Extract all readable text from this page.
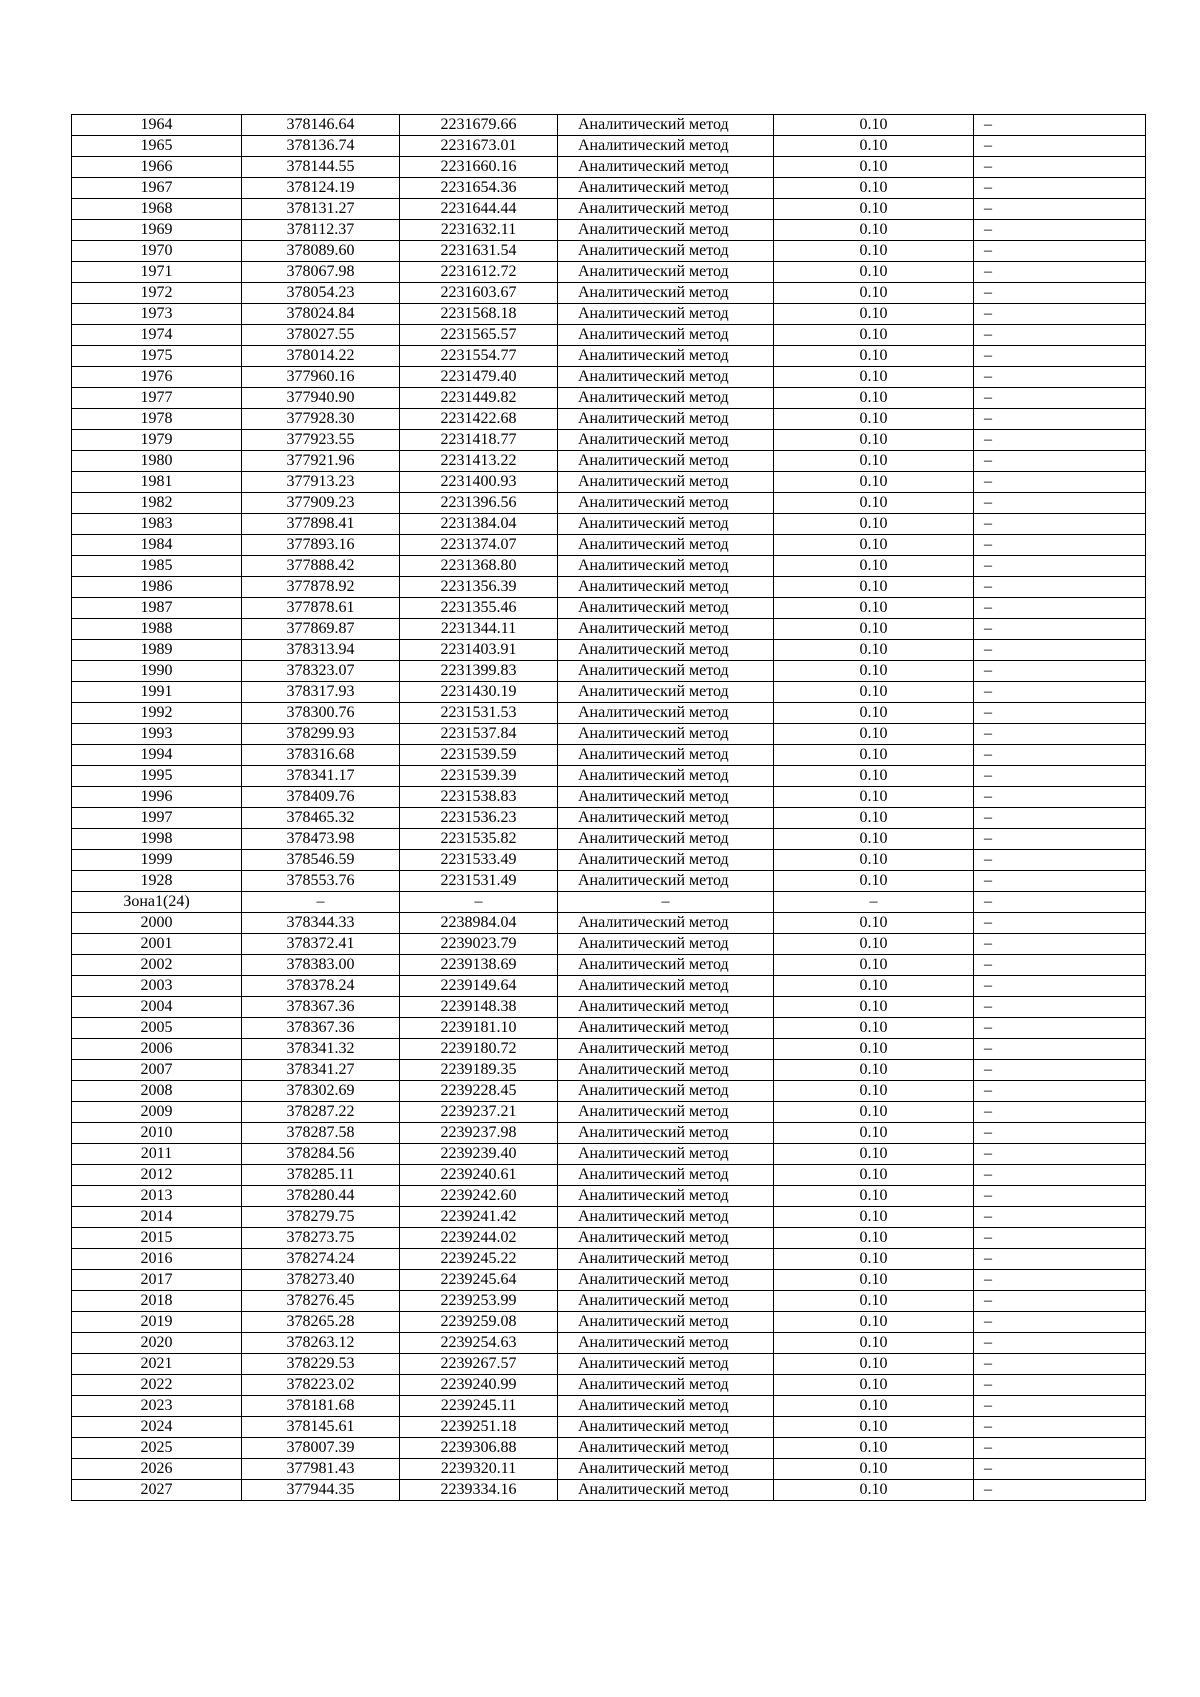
1964	378146.64	2231679.66	Аналитический метод	0.10	–
1965	378136.74	2231673.01	Аналитический метод	0.10	–
1966	378144.55	2231660.16	Аналитический метод	0.10	–
1967	378124.19	2231654.36	Аналитический метод	0.10	–
1968	378131.27	2231644.44	Аналитический метод	0.10	–
1969	378112.37	2231632.11	Аналитический метод	0.10	–
1970	378089.60	2231631.54	Аналитический метод	0.10	–
1971	378067.98	2231612.72	Аналитический метод	0.10	–
1972	378054.23	2231603.67	Аналитический метод	0.10	–
1973	378024.84	2231568.18	Аналитический метод	0.10	–
1974	378027.55	2231565.57	Аналитический метод	0.10	–
1975	378014.22	2231554.77	Аналитический метод	0.10	–
1976	377960.16	2231479.40	Аналитический метод	0.10	–
1977	377940.90	2231449.82	Аналитический метод	0.10	–
1978	377928.30	2231422.68	Аналитический метод	0.10	–
1979	377923.55	2231418.77	Аналитический метод	0.10	–
1980	377921.96	2231413.22	Аналитический метод	0.10	–
1981	377913.23	2231400.93	Аналитический метод	0.10	–
1982	377909.23	2231396.56	Аналитический метод	0.10	–
1983	377898.41	2231384.04	Аналитический метод	0.10	–
1984	377893.16	2231374.07	Аналитический метод	0.10	–
1985	377888.42	2231368.80	Аналитический метод	0.10	–
1986	377878.92	2231356.39	Аналитический метод	0.10	–
1987	377878.61	2231355.46	Аналитический метод	0.10	–
1988	377869.87	2231344.11	Аналитический метод	0.10	–
1989	378313.94	2231403.91	Аналитический метод	0.10	–
1990	378323.07	2231399.83	Аналитический метод	0.10	–
1991	378317.93	2231430.19	Аналитический метод	0.10	–
1992	378300.76	2231531.53	Аналитический метод	0.10	–
1993	378299.93	2231537.84	Аналитический метод	0.10	–
1994	378316.68	2231539.59	Аналитический метод	0.10	–
1995	378341.17	2231539.39	Аналитический метод	0.10	–
1996	378409.76	2231538.83	Аналитический метод	0.10	–
1997	378465.32	2231536.23	Аналитический метод	0.10	–
1998	378473.98	2231535.82	Аналитический метод	0.10	–
1999	378546.59	2231533.49	Аналитический метод	0.10	–
1928	378553.76	2231531.49	Аналитический метод	0.10	–
Зона1(24)	–	–	–	–	–
2000	378344.33	2238984.04	Аналитический метод	0.10	–
2001	378372.41	2239023.79	Аналитический метод	0.10	–
2002	378383.00	2239138.69	Аналитический метод	0.10	–
2003	378378.24	2239149.64	Аналитический метод	0.10	–
2004	378367.36	2239148.38	Аналитический метод	0.10	–
2005	378367.36	2239181.10	Аналитический метод	0.10	–
2006	378341.32	2239180.72	Аналитический метод	0.10	–
2007	378341.27	2239189.35	Аналитический метод	0.10	–
2008	378302.69	2239228.45	Аналитический метод	0.10	–
2009	378287.22	2239237.21	Аналитический метод	0.10	–
2010	378287.58	2239237.98	Аналитический метод	0.10	–
2011	378284.56	2239239.40	Аналитический метод	0.10	–
2012	378285.11	2239240.61	Аналитический метод	0.10	–
2013	378280.44	2239242.60	Аналитический метод	0.10	–
2014	378279.75	2239241.42	Аналитический метод	0.10	–
2015	378273.75	2239244.02	Аналитический метод	0.10	–
2016	378274.24	2239245.22	Аналитический метод	0.10	–
2017	378273.40	2239245.64	Аналитический метод	0.10	–
2018	378276.45	2239253.99	Аналитический метод	0.10	–
2019	378265.28	2239259.08	Аналитический метод	0.10	–
2020	378263.12	2239254.63	Аналитический метод	0.10	–
2021	378229.53	2239267.57	Аналитический метод	0.10	–
2022	378223.02	2239240.99	Аналитический метод	0.10	–
2023	378181.68	2239245.11	Аналитический метод	0.10	–
2024	378145.61	2239251.18	Аналитический метод	0.10	–
2025	378007.39	2239306.88	Аналитический метод	0.10	–
2026	377981.43	2239320.11	Аналитический метод	0.10	–
2027	377944.35	2239334.16	Аналитический метод	0.10	–
